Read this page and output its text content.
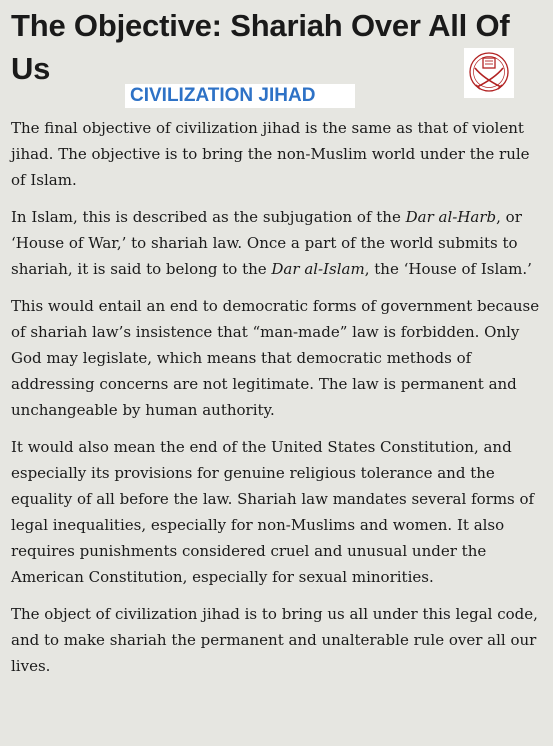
The Objective: Shariah Over All Of Us
CIVILIZATION JIHAD

The final objective of civilization jihad is the same as that of violent jihad. The objective is to bring the non-Muslim world under the rule of Islam.

In Islam, this is described as the subjugation of the Dar al-Harb, or ‘House of War,’ to shariah law. Once a part of the world submits to shariah, it is said to belong to the Dar al-Islam, the ‘House of Islam.’

This would entail an end to democratic forms of government because of shariah law’s insistence that “man-made” law is forbidden. Only God may legislate, which means that democratic methods of addressing concerns are not legitimate. The law is permanent and unchangeable by human authority.

It would also mean the end of the United States Constitution, and especially its provisions for genuine religious tolerance and the equality of all before the law. Shariah law mandates several forms of legal inequalities, especially for non-Muslims and women. It also requires punishments considered cruel and unusual under the American Constitution, especially for sexual minorities.

The object of civilization jihad is to bring us all under this legal code, and to make shariah the permanent and unalterable rule over all our lives.
